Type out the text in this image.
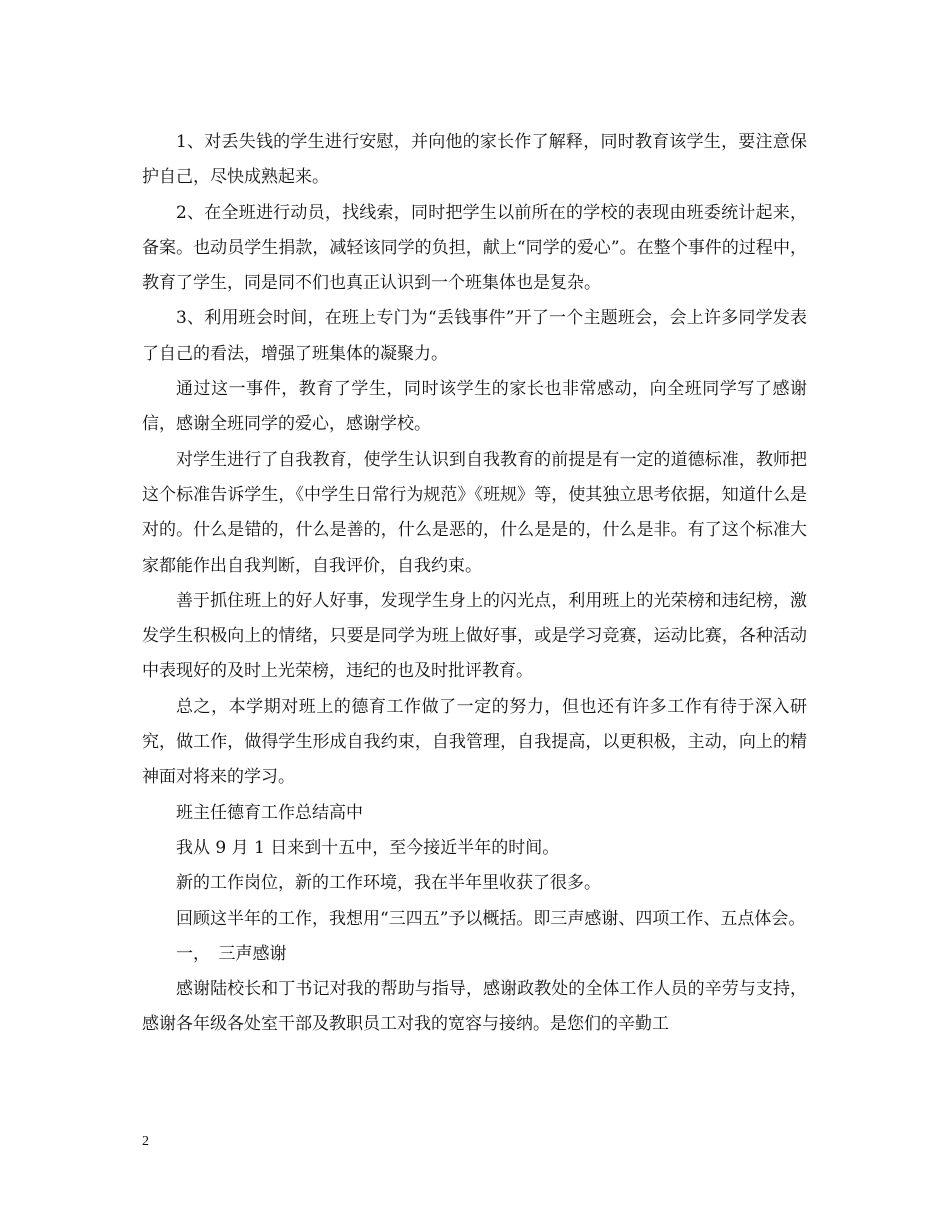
1、对丢失钱的学生进行安慰，并向他的家长作了解释，同时教育该学生，要注意保护自己，尽快成熟起来。

2、在全班进行动员，找线索，同时把学生以前所在的学校的表现由班委统计起来，备案。也动员学生捐款，减轻该同学的负担，献上“同学的爱心”。在整个事件的过程中，教育了学生，同是同不们也真正认识到一个班集体也是复杂。

3、利用班会时间，在班上专门为“丢钱事件”开了一个主题班会，会上许多同学发表了自己的看法，增强了班集体的凝聚力。

通过这一事件，教育了学生，同时该学生的家长也非常感动，向全班同学写了感谢信，感谢全班同学的爱心，感谢学校。

对学生进行了自我教育，使学生认识到自我教育的前提是有一定的道德标准，教师把这个标准告诉学生，《中学生日常行为规范》《班规》等，使其独立思考依据，知道什么是对的。什么是错的，什么是善的，什么是恶的，什么是是的，什么是非。有了这个标准大家都能作出自我判断，自我评价，自我约束。

善于抓住班上的好人好事，发现学生身上的闪光点，利用班上的光荣榜和违纪榜，激发学生积极向上的情绪，只要是同学为班上做好事，或是学习竞赛，运动比赛，各种活动中表现好的及时上光荣榜，违纪的也及时批评教育。

总之，本学期对班上的德育工作做了一定的努力，但也还有许多工作有待于深入研究，做工作，做得学生形成自我约束，自我管理，自我提高，以更积极，主动，向上的精神面对将来的学习。

班主任德育工作总结高中

我从 9 月 1 日来到十五中，至今接近半年的时间。

新的工作岗位，新的工作环境，我在半年里收获了很多。

回顾这半年的工作，我想用“三四五”予以概括。即三声感谢、四项工作、五点体会。

一，　三声感谢

感谢陆校长和丁书记对我的帮助与指导，感谢政教处的全体工作人员的辛劳与支持，感谢各年级各处室干部及教职员工对我的宽容与接纳。是您们的辛勤工

2
